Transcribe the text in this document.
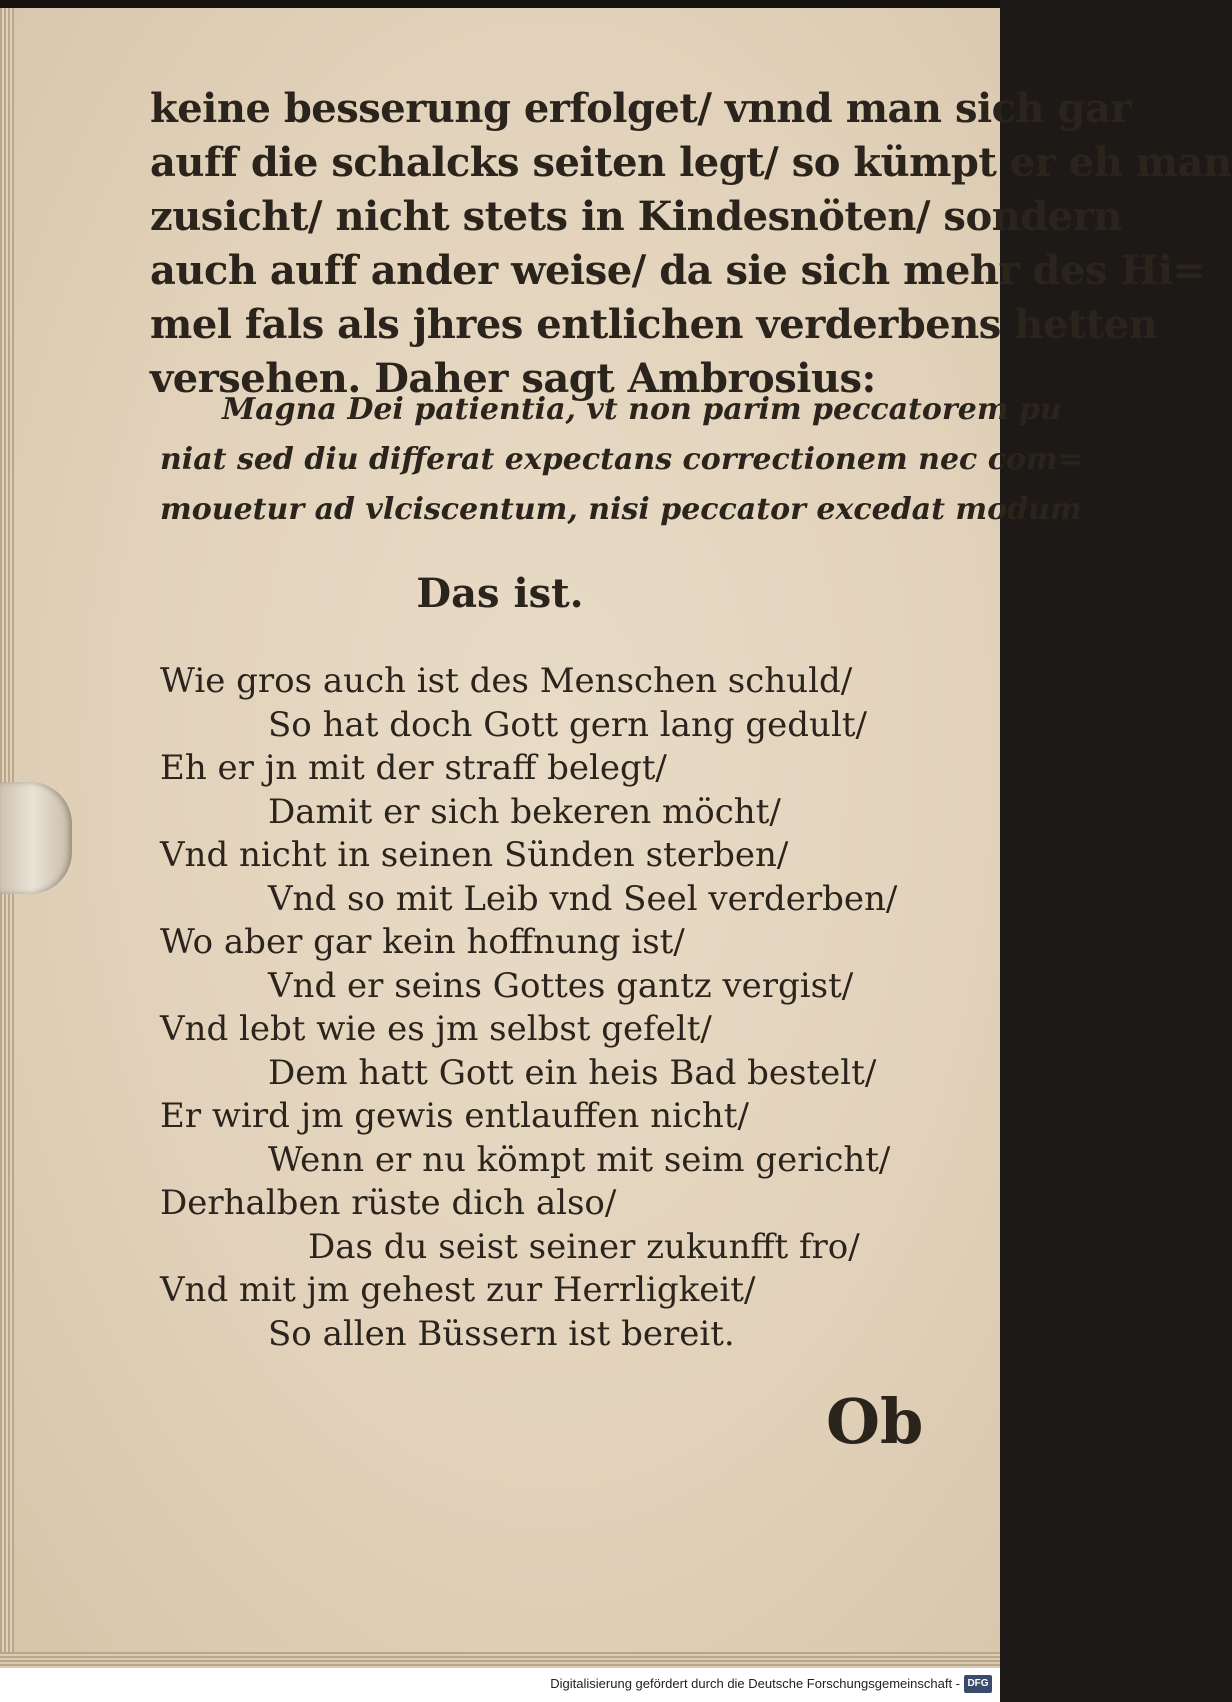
keine besserung erfolget/ vnnd man sich gar
auff die schalcks seiten legt/ so kümpt er eh man
zusicht/ nicht stets in Kindesnöten/ sondern
auch auff ander weise/ da sie sich mehr des Hi=
mel fals als jhres entlichen verderbens hetten
versehen. Daher sagt Ambrosius:
Magna Dei patientia, vt non parim peccatorem pu
niat sed diu differat expectans correctionem nec com=
mouetur ad vlciscentum, nisi peccator excedat modum
Das ist.
Wie gros auch ist des Menschen schuld/
So hat doch Gott gern lang gedult/
Eh er jn mit der straff belegt/
Damit er sich bekeren möcht/
Vnd nicht in seinen Sünden sterben/
Vnd so mit Leib vnd Seel verderben/
Wo aber gar kein hoffnung ist/
Vnd er seins Gottes gantz vergist/
Vnd lebt wie es jm selbst gefelt/
Dem hatt Gott ein heis Bad bestelt/
Er wird jm gewis entlauffen nicht/
Wenn er nu kömpt mit seim gericht/
Derhalben rüste dich also/
Das du seist seiner zukunfft fro/
Vnd mit jm gehest zur Herrligkeit/
So allen Büssern ist bereit.
Ob
Digitalisierung gefördert durch die Deutsche Forschungsgemeinschaft - DFG
